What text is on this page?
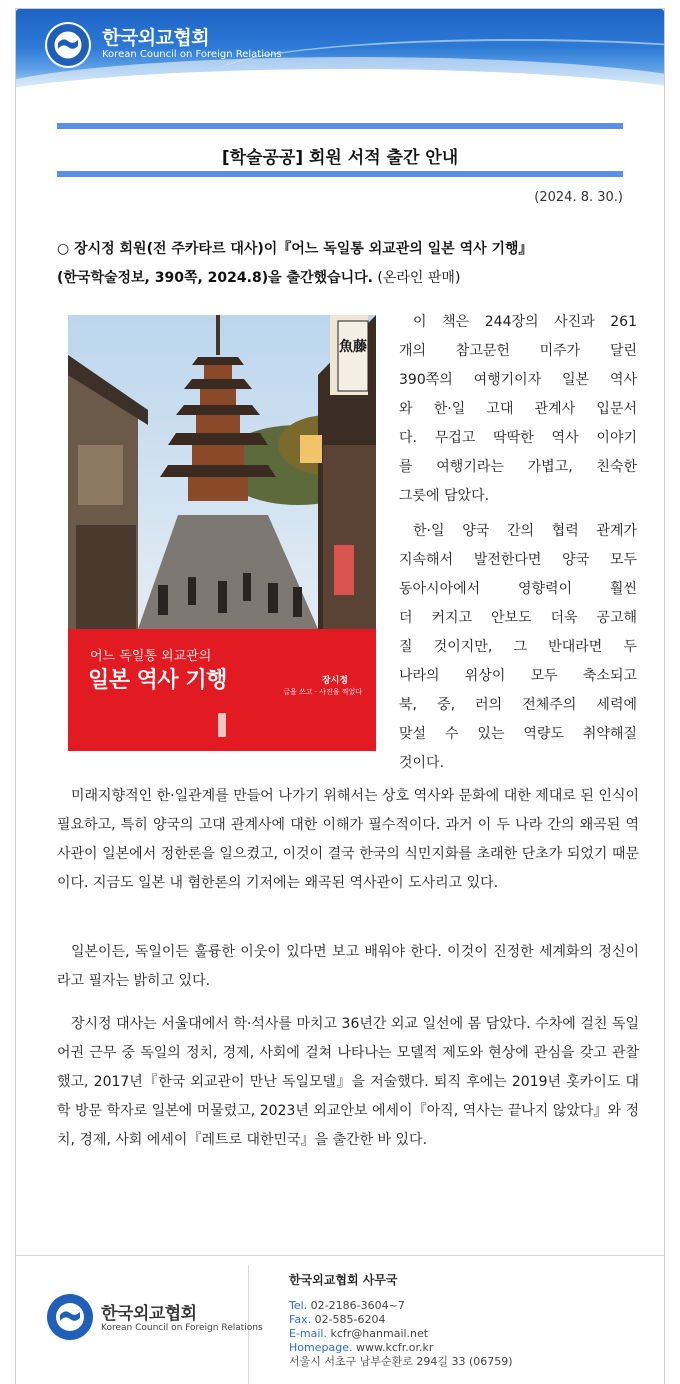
한국외교협회
Korean Council on Foreign Relations
[학술공공] 회원 서적 출간 안내
(2024. 8. 30.)
○ 장시정 회원(전 주카타르 대사)이『어느 독일통 외교관의 일본 역사 기행』
(한국학술정보, 390쪽, 2024.8)을 출간했습니다. (온라인 판매)
魚藤
어느 독일통 외교관의
일본 역사 기행	장시정
글을 쓰고 · 사진을 찍었다
이 책은 244장의 사진과 261
개의 참고문헌 미주가 달린
390쪽의 여행기이자 일본 역사
와 한·일 고대 관계사 입문서
다. 무겁고 딱딱한 역사 이야기
를 여행기라는 가볍고, 친숙한
그릇에 담았다.
한·일 양국 간의 협력 관계가
지속해서 발전한다면 양국 모두
동아시아에서 영향력이 훨씬
더 커지고 안보도 더욱 공고해
질 것이지만, 그 반대라면 두
나라의 위상이 모두 축소되고
북, 중, 러의 전체주의 세력에
맞설 수 있는 역량도 취약해질
것이다.
미래지향적인 한·일관계를 만들어 나가기 위해서는 상호 역사와 문화에 대한 제대로 된 인식이 필요하고, 특히 양국의 고대 관계사에 대한 이해가 필수적이다. 과거 이 두 나라 간의 왜곡된 역사관이 일본에서 정한론을 일으켰고, 이것이 결국 한국의 식민지화를 초래한 단초가 되었기 때문이다. 지금도 일본 내 혐한론의 기저에는 왜곡된 역사관이 도사리고 있다.
일본이든, 독일이든 훌륭한 이웃이 있다면 보고 배워야 한다. 이것이 진정한 세계화의 정신이라고 필자는 밝히고 있다.
장시정 대사는 서울대에서 학·석사를 마치고 36년간 외교 일선에 몸 담았다. 수차에 걸친 독일어권 근무 중 독일의 정치, 경제, 사회에 걸쳐 나타나는 모델적 제도와 현상에 관심을 갖고 관찰했고, 2017년『한국 외교관이 만난 독일모델』을 저술했다. 퇴직 후에는 2019년 홋카이도 대학 방문 학자로 일본에 머물렀고, 2023년 외교안보 에세이『아직, 역사는 끝나지 않았다』와 정치, 경제, 사회 에세이『레트로 대한민국』을 출간한 바 있다.
한국외교협회
Korean Council on Foreign Relations
한국외교협회 사무국
Tel. 02-2186-3604~7
Fax. 02-585-6204
E-mail. kcfr@hanmail.net
Homepage. www.kcfr.or.kr
서울시 서초구 남부순환로 294길 33 (06759)
